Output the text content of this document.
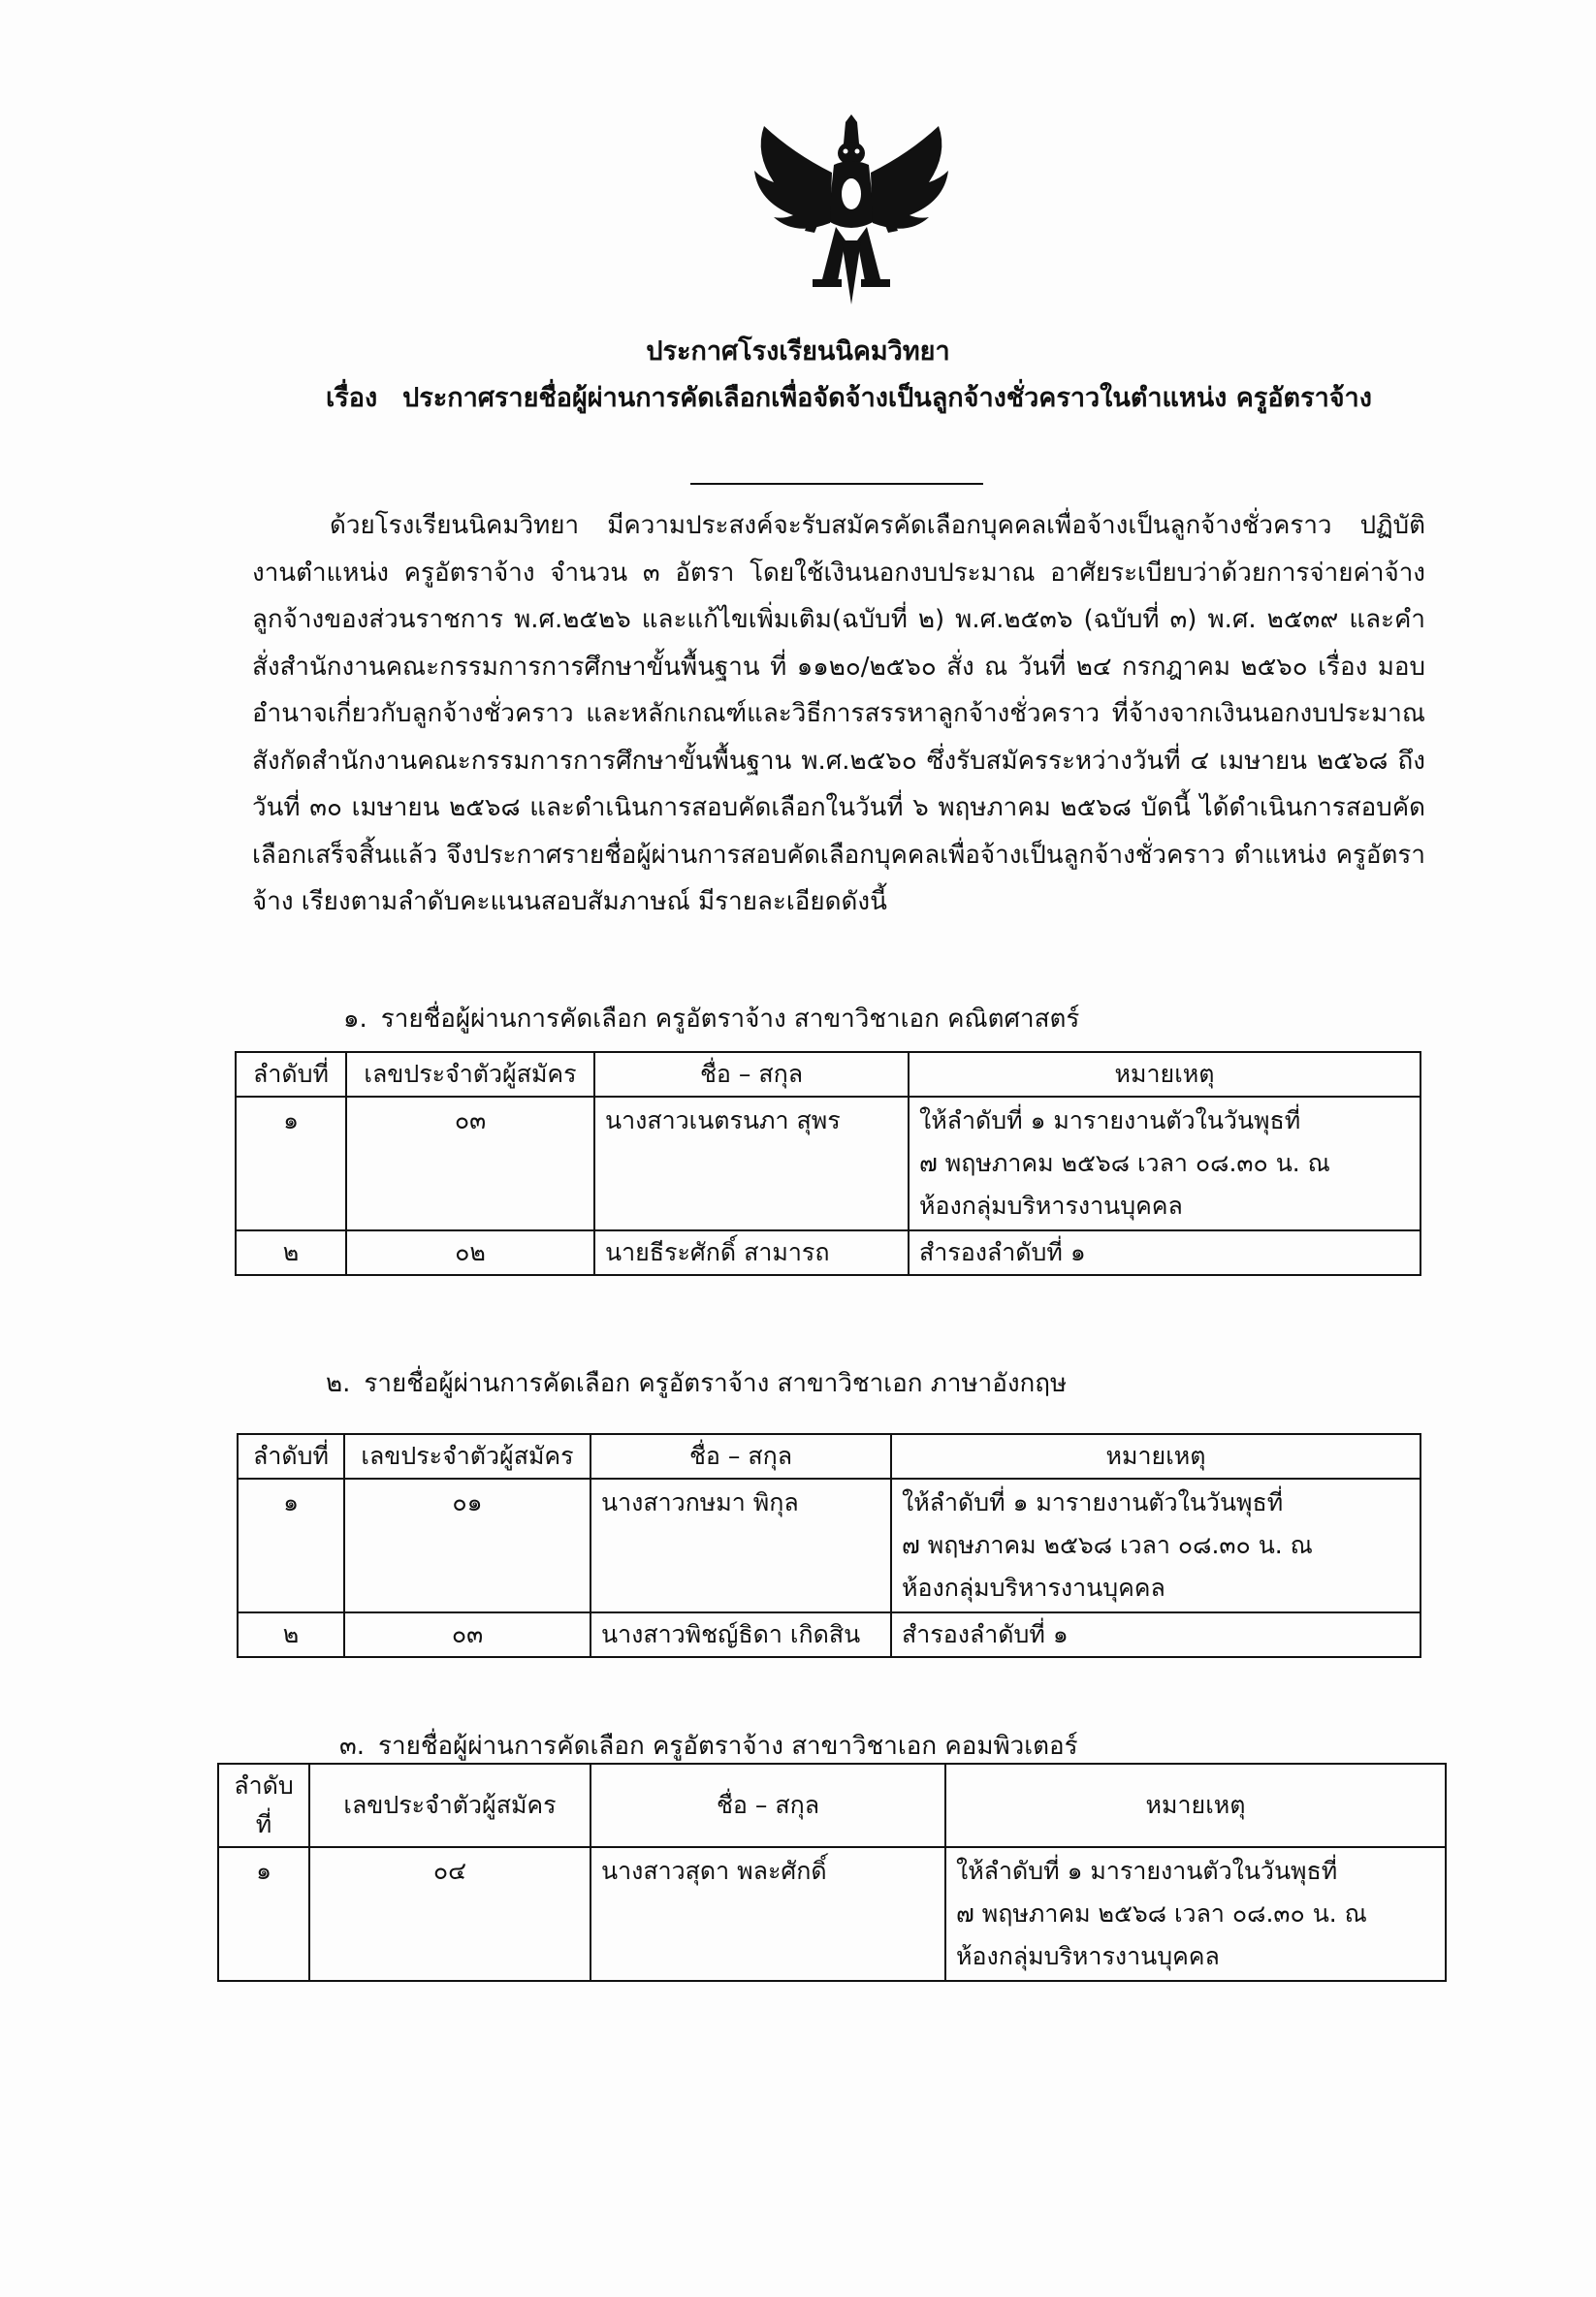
ประกาศโรงเรียนนิคมวิทยา
เรื่อง ประกาศรายชื่อผู้ผ่านการคัดเลือกเพื่อจัดจ้างเป็นลูกจ้างชั่วคราวในตำแหน่ง ครูอัตราจ้าง
ด้วยโรงเรียนนิคมวิทยา มีความประสงค์จะรับสมัครคัดเลือกบุคคลเพื่อจ้างเป็นลูกจ้างชั่วคราว ปฏิบัติงานตำแหน่ง ครูอัตราจ้าง จำนวน ๓ อัตรา โดยใช้เงินนอกงบประมาณ อาศัยระเบียบว่าด้วยการจ่ายค่าจ้างลูกจ้างของส่วนราชการ พ.ศ.๒๕๒๖ และแก้ไขเพิ่มเติม(ฉบับที่ ๒) พ.ศ.๒๕๓๖ (ฉบับที่ ๓) พ.ศ. ๒๕๓๙ และคำสั่งสำนักงานคณะกรรมการการศึกษาขั้นพื้นฐาน ที่ ๑๑๒๐/๒๕๖๐ สั่ง ณ วันที่ ๒๔ กรกฎาคม ๒๕๖๐ เรื่อง มอบอำนาจเกี่ยวกับลูกจ้างชั่วคราว และหลักเกณฑ์และวิธีการสรรหาลูกจ้างชั่วคราว ที่จ้างจากเงินนอกงบประมาณ สังกัดสำนักงานคณะกรรมการการศึกษาขั้นพื้นฐาน พ.ศ.๒๕๖๐ ซึ่งรับสมัครระหว่างวันที่ ๔ เมษายน ๒๕๖๘ ถึงวันที่ ๓๐ เมษายน ๒๕๖๘ และดำเนินการสอบคัดเลือกในวันที่ ๖ พฤษภาคม ๒๕๖๘ บัดนี้ ได้ดำเนินการสอบคัดเลือกเสร็จสิ้นแล้ว จึงประกาศรายชื่อผู้ผ่านการสอบคัดเลือกบุคคลเพื่อจ้างเป็นลูกจ้างชั่วคราว ตำแหน่ง ครูอัตราจ้าง เรียงตามลำดับคะแนนสอบสัมภาษณ์ มีรายละเอียดดังนี้
๑. รายชื่อผู้ผ่านการคัดเลือก ครูอัตราจ้าง สาขาวิชาเอก คณิตศาสตร์
ลำดับที่	เลขประจำตัวผู้สมัคร	ชื่อ – สกุล	หมายเหตุ
๑	๐๓	นางสาวเนตรนภา สุพร	ให้ลำดับที่ ๑ มารายงานตัวในวันพุธที่
๗ พฤษภาคม ๒๕๖๘ เวลา ๐๘.๓๐ น. ณ
ห้องกลุ่มบริหารงานบุคคล

๒	๐๒	นายธีระศักดิ์ สามารถ	สำรองลำดับที่ ๑
๒. รายชื่อผู้ผ่านการคัดเลือก ครูอัตราจ้าง สาขาวิชาเอก ภาษาอังกฤษ
ลำดับที่	เลขประจำตัวผู้สมัคร	ชื่อ – สกุล	หมายเหตุ
๑	๐๑	นางสาวกษมา พิกุล	ให้ลำดับที่ ๑ มารายงานตัวในวันพุธที่
๗ พฤษภาคม ๒๕๖๘ เวลา ๐๘.๓๐ น. ณ
ห้องกลุ่มบริหารงานบุคคล

๒	๐๓	นางสาวพิชญ์ธิดา เกิดสิน	สำรองลำดับที่ ๑
๓. รายชื่อผู้ผ่านการคัดเลือก ครูอัตราจ้าง สาขาวิชาเอก คอมพิวเตอร์
ลำดับ ที่	เลขประจำตัวผู้สมัคร	ชื่อ – สกุล	หมายเหตุ
๑	๐๔	นางสาวสุดา พละศักดิ์	ให้ลำดับที่ ๑ มารายงานตัวในวันพุธที่
๗ พฤษภาคม ๒๕๖๘ เวลา ๐๘.๓๐ น. ณ
ห้องกลุ่มบริหารงานบุคคล
